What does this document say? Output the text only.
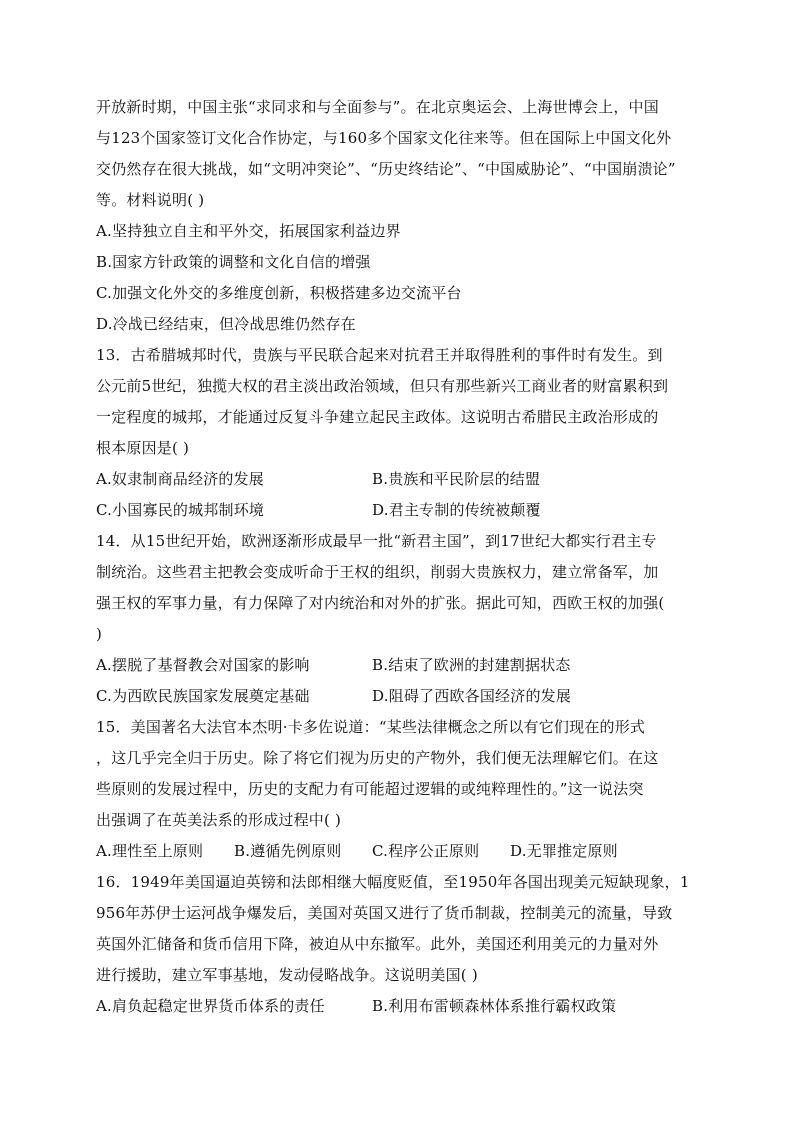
开放新时期，中国主张“求同求和与全面参与”。在北京奥运会、上海世博会上，中国
与123个国家签订文化合作协定，与160多个国家文化往来等。但在国际上中国文化外
交仍然存在很大挑战，如“文明冲突论”、“历史终结论”、“中国威胁论”、“中国崩溃论”
等。材料说明( )
A.坚持独立自主和平外交，拓展国家利益边界
B.国家方针政策的调整和文化自信的增强
C.加强文化外交的多维度创新，积极搭建多边交流平台
D.冷战已经结束，但冷战思维仍然存在
13．古希腊城邦时代，贵族与平民联合起来对抗君王并取得胜利的事件时有发生。到
公元前5世纪，独揽大权的君主淡出政治领域，但只有那些新兴工商业者的财富累积到
一定程度的城邦，才能通过反复斗争建立起民主政体。这说明古希腊民主政治形成的
根本原因是( )
A.奴隶制商品经济的发展	B.贵族和平民阶层的结盟
C.小国寡民的城邦制环境	D.君主专制的传统被颠覆
14．从15世纪开始，欧洲逐渐形成最早一批“新君主国”，到17世纪大都实行君主专
制统治。这些君主把教会变成听命于王权的组织，削弱大贵族权力，建立常备军，加
强王权的军事力量，有力保障了对内统治和对外的扩张。据此可知，西欧王权的加强(
)
A.摆脱了基督教会对国家的影响	B.结束了欧洲的封建割据状态
C.为西欧民族国家发展奠定基础	D.阻碍了西欧各国经济的发展
15．美国著名大法官本杰明·卡多佐说道：“某些法律概念之所以有它们现在的形式
，这几乎完全归于历史。除了将它们视为历史的产物外，我们便无法理解它们。在这
些原则的发展过程中，历史的支配力有可能超过逻辑的或纯粹理性的。”这一说法突
出强调了在英美法系的形成过程中( )
A.理性至上原则	B.遵循先例原则	C.程序公正原则	D.无罪推定原则
16．1949年美国逼迫英镑和法郎相继大幅度贬值，至1950年各国出现美元短缺现象，1
956年苏伊士运河战争爆发后，美国对英国又进行了货币制裁，控制美元的流量，导致
英国外汇储备和货币信用下降，被迫从中东撤军。此外，美国还利用美元的力量对外
进行援助，建立军事基地，发动侵略战争。这说明美国( )
A.肩负起稳定世界货币体系的责任	B.利用布雷顿森林体系推行霸权政策
